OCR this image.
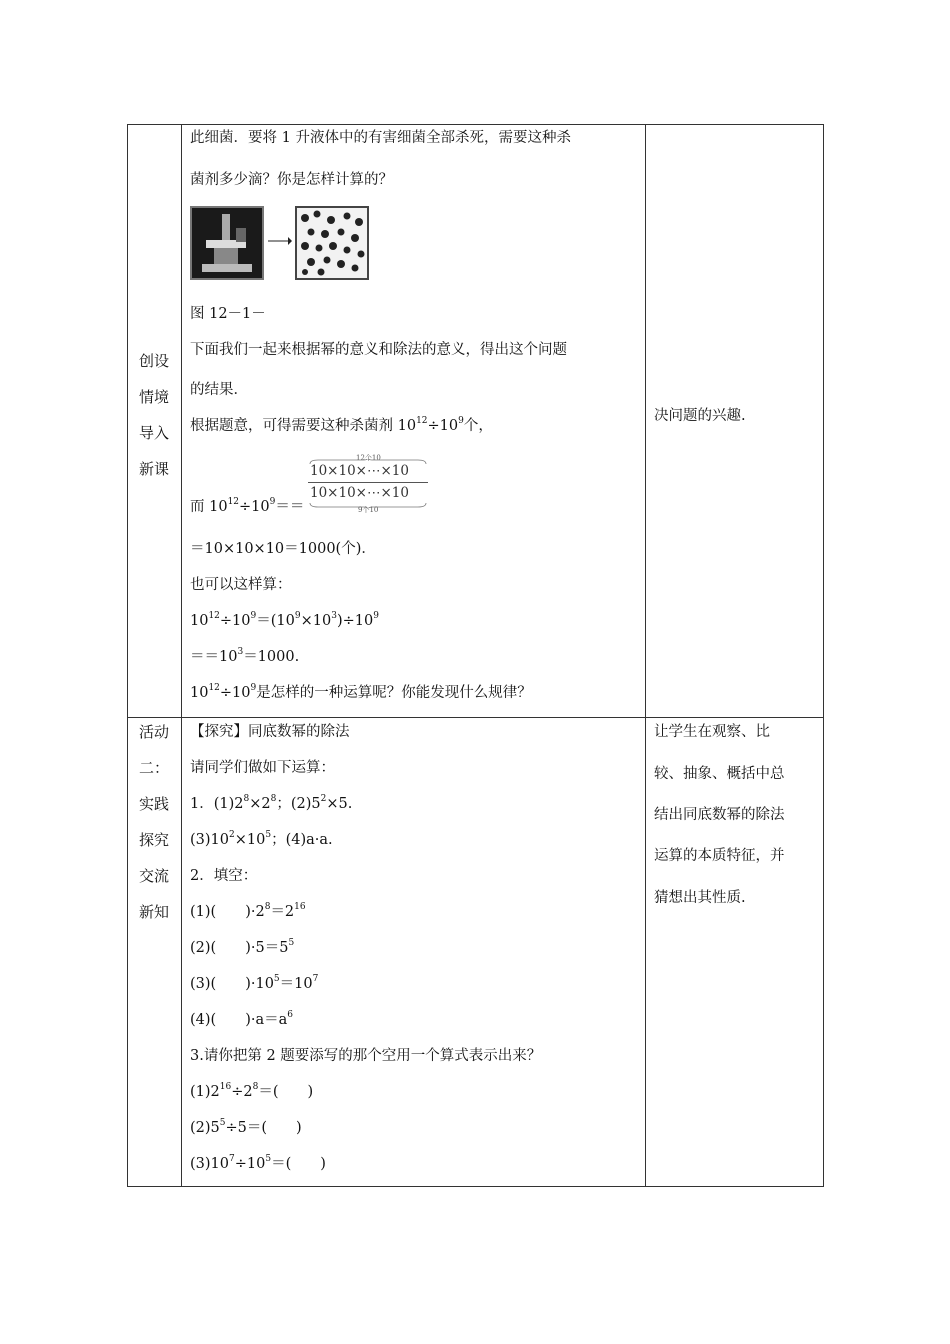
创设
情境
导入
新课
此细菌．要将 1 升液体中的有害细菌全部杀死，需要这种杀
菌剂多少滴？你是怎样计算的？
图 12－1－
下面我们一起来根据幂的意义和除法的意义，得出这个问题
的结果．
根据题意，可得需要这种杀菌剂 $10^{12}\div 10^9$个，
12个10
10×10×⋯×10
10×10×⋯×10
9个10
而 $10^{12}\div 10^9==$
＝10×10×10＝1000(个)．
也可以这样算：
$10^{12}\div 10^9=(10^9\times 10^3)\div 10^9$
$==10^3=1000$.
$10^{12}\div 10^9$是怎样的一种运算呢？你能发现什么规律？
决问题的兴趣.
活动
二：
实践
探究
交流
新知
【探究】同底数幂的除法
请同学们做如下运算：
1．$(1)2^8\times 2^8$；$(2)5^2\times 5$.
$(3)10^2\times 10^5$；(4)a·a.
2．填空：
(1)(　　)$\cdot 2^8=2^{16}$
(2)(　　)$\cdot 5=5^5$
(3)(　　)$\cdot 10^5=10^7$
(4)(　　)$\cdot a=a^6$
3.请你把第 2 题要添写的那个空用一个算式表示出来？
$(1)2^{16}\div 2^8=$(　　)
$(2)5^5\div 5=$(　　)
$(3)10^7\div 10^5=$(　　)
让学生在观察、比
较、抽象、概括中总
结出同底数幂的除法
运算的本质特征，并
猜想出其性质.
